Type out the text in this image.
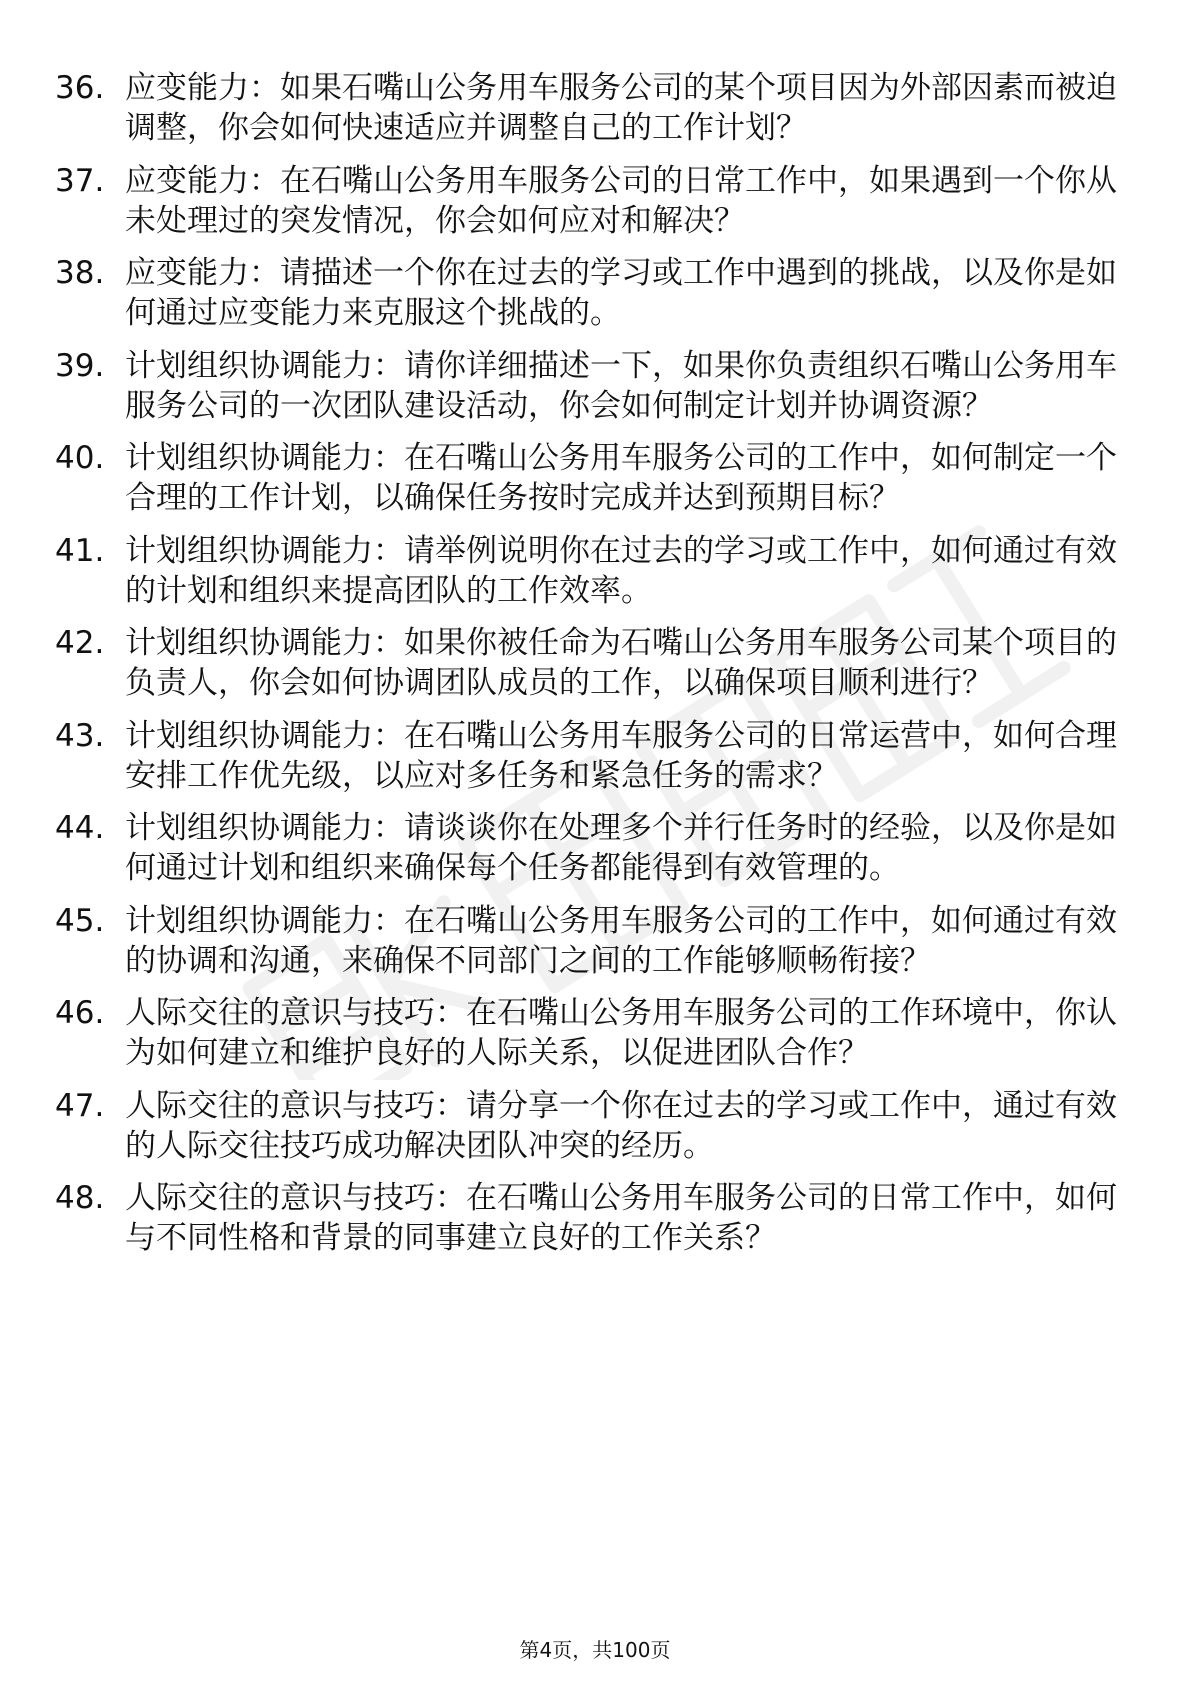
36. 应变能力：如果石嘴山公务用车服务公司的某个项目因为外部因素而被迫调整，你会如何快速适应并调整自己的工作计划？
37. 应变能力：在石嘴山公务用车服务公司的日常工作中，如果遇到一个你从未处理过的突发情况，你会如何应对和解决？
38. 应变能力：请描述一个你在过去的学习或工作中遇到的挑战，以及你是如何通过应变能力来克服这个挑战的。
39. 计划组织协调能力：请你详细描述一下，如果你负责组织石嘴山公务用车服务公司的一次团队建设活动，你会如何制定计划并协调资源？
40. 计划组织协调能力：在石嘴山公务用车服务公司的工作中，如何制定一个合理的工作计划，以确保任务按时完成并达到预期目标？
41. 计划组织协调能力：请举例说明你在过去的学习或工作中，如何通过有效的计划和组织来提高团队的工作效率。
42. 计划组织协调能力：如果你被任命为石嘴山公务用车服务公司某个项目的负责人，你会如何协调团队成员的工作，以确保项目顺利进行？
43. 计划组织协调能力：在石嘴山公务用车服务公司的日常运营中，如何合理安排工作优先级，以应对多任务和紧急任务的需求？
44. 计划组织协调能力：请谈谈你在处理多个并行任务时的经验，以及你是如何通过计划和组织来确保每个任务都能得到有效管理的。
45. 计划组织协调能力：在石嘴山公务用车服务公司的工作中，如何通过有效的协调和沟通，来确保不同部门之间的工作能够顺畅衔接？
46. 人际交往的意识与技巧：在石嘴山公务用车服务公司的工作环境中，你认为如何建立和维护良好的人际关系，以促进团队合作？
47. 人际交往的意识与技巧：请分享一个你在过去的学习或工作中，通过有效的人际交往技巧成功解决团队冲突的经历。
48. 人际交往的意识与技巧：在石嘴山公务用车服务公司的日常工作中，如何与不同性格和背景的同事建立良好的工作关系？
第4页，共100页
